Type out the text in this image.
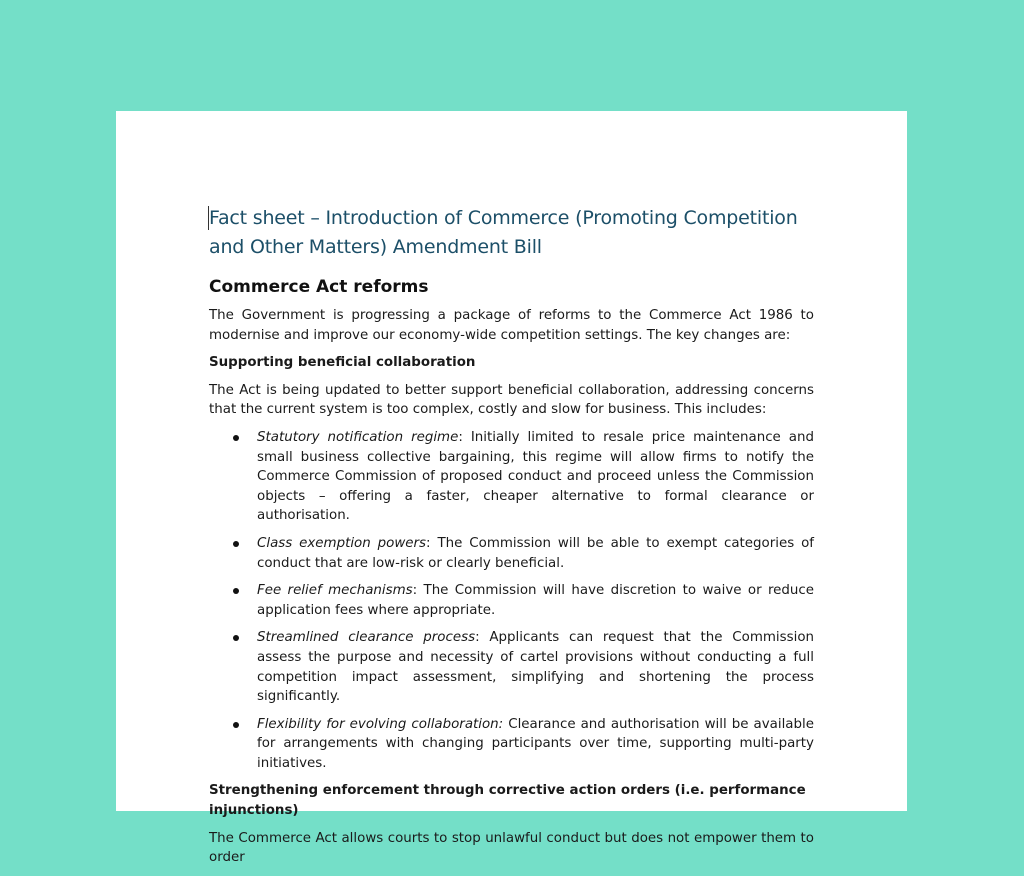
Fact sheet – Introduction of Commerce (Promoting Competition and Other Matters) Amendment Bill
Commerce Act reforms

The Government is progressing a package of reforms to the Commerce Act 1986 to modernise and improve our economy-wide competition settings. The key changes are:

Supporting beneficial collaboration

The Act is being updated to better support beneficial collaboration, addressing concerns that the current system is too complex, costly and slow for business. This includes:

Statutory notification regime: Initially limited to resale price maintenance and small business collective bargaining, this regime will allow firms to notify the Commerce Commission of proposed conduct and proceed unless the Commission objects – offering a faster, cheaper alternative to formal clearance or authorisation.
Class exemption powers: The Commission will be able to exempt categories of conduct that are low-risk or clearly beneficial.
Fee relief mechanisms: The Commission will have discretion to waive or reduce application fees where appropriate.
Streamlined clearance process: Applicants can request that the Commission assess the purpose and necessity of cartel provisions without conducting a full competition impact assessment, simplifying and shortening the process significantly.
Flexibility for evolving collaboration: Clearance and authorisation will be available for arrangements with changing participants over time, supporting multi-party initiatives.
Strengthening enforcement through corrective action orders (i.e. performance injunctions)

The Commerce Act allows courts to stop unlawful conduct but does not empower them to order
